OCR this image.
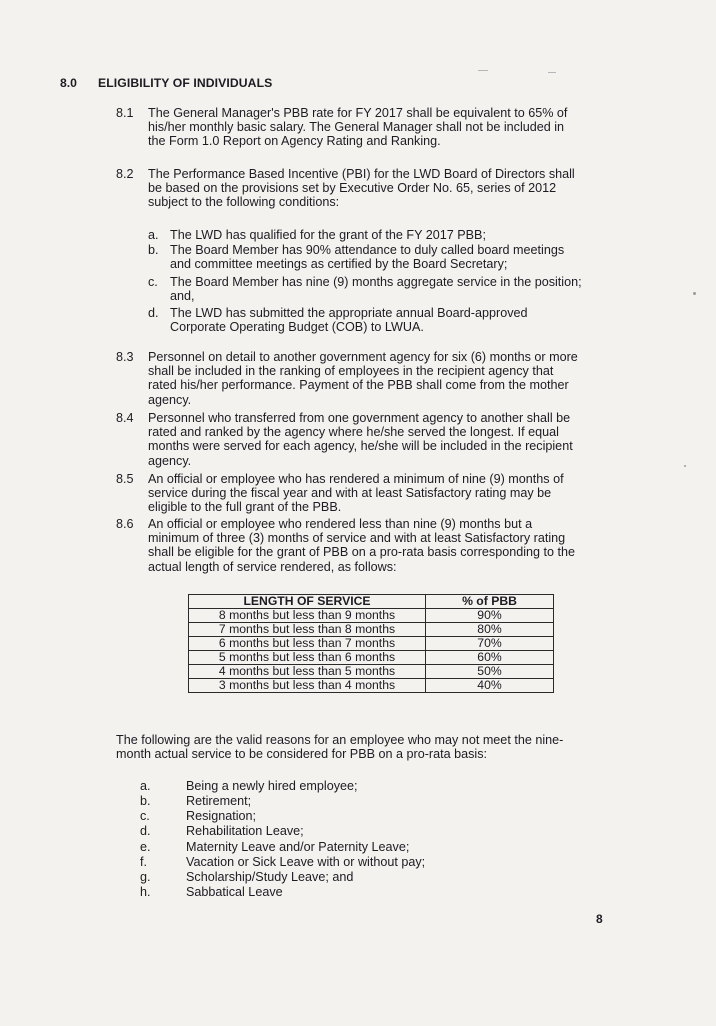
8.0 ELIGIBILITY OF INDIVIDUALS
8.1	The General Manager's PBB rate for FY 2017 shall be equivalent to 65% of
his/her monthly basic salary. The General Manager shall not be included in
the Form 1.0 Report on Agency Rating and Ranking.
8.2	The Performance Based Incentive (PBI) for the LWD Board of Directors shall
be based on the provisions set by Executive Order No. 65, series of 2012
subject to the following conditions:
a. The LWD has qualified for the grant of the FY 2017 PBB;
b. The Board Member has 90% attendance to duly called board meetings
and committee meetings as certified by the Board Secretary;
c. The Board Member has nine (9) months aggregate service in the position;
and,
d. The LWD has submitted the appropriate annual Board-approved
Corporate Operating Budget (COB) to LWUA.
8.3	Personnel on detail to another government agency for six (6) months or more
shall be included in the ranking of employees in the recipient agency that
rated his/her performance. Payment of the PBB shall come from the mother
agency.
8.4	Personnel who transferred from one government agency to another shall be
rated and ranked by the agency where he/she served the longest. If equal
months were served for each agency, he/she will be included in the recipient
agency.
8.5	An official or employee who has rendered a minimum of nine (9) months of
service during the fiscal year and with at least Satisfactory rating may be
eligible to the full grant of the PBB.
8.6	An official or employee who rendered less than nine (9) months but a
minimum of three (3) months of service and with at least Satisfactory rating
shall be eligible for the grant of PBB on a pro-rata basis corresponding to the
actual length of service rendered, as follows:
LENGTH OF SERVICE	% of PBB
8 months but less than 9 months	90%
7 months but less than 8 months	80%
6 months but less than 7 months	70%
5 months but less than 6 months	60%
4 months but less than 5 months	50%
3 months but less than 4 months	40%
The following are the valid reasons for an employee who may not meet the nine-
month actual service to be considered for PBB on a pro-rata basis:
a.	Being a newly hired employee;
b.	Retirement;
c.	Resignation;
d.	Rehabilitation Leave;
e.	Maternity Leave and/or Paternity Leave;
f.	Vacation or Sick Leave with or without pay;
g.	Scholarship/Study Leave; and
h.	Sabbatical Leave
8
